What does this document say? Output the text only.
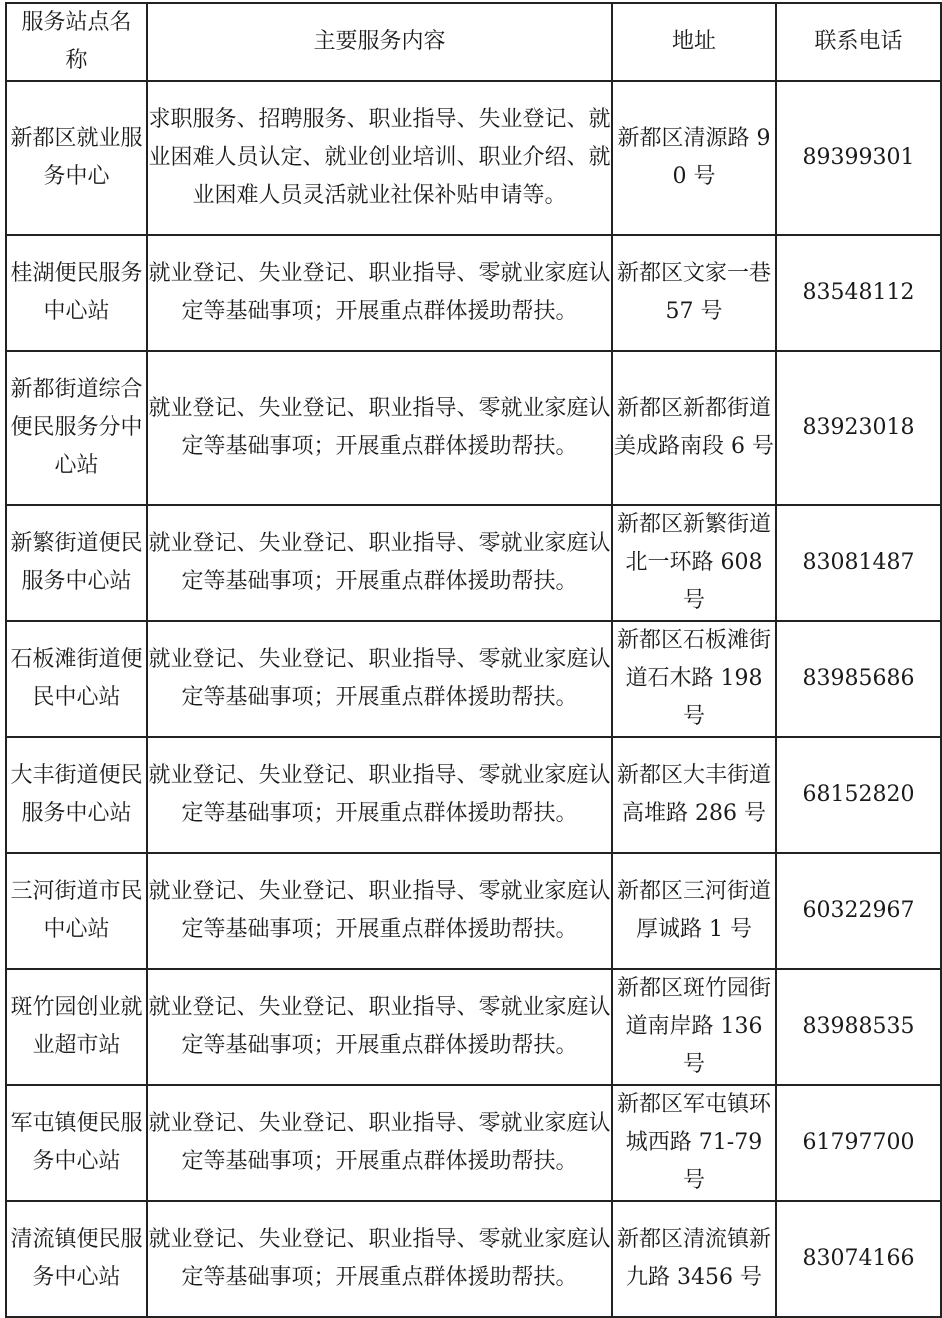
服务站点名称	主要服务内容	地址	联系电话
新都区就业服务中心	求职服务、招聘服务、职业指导、失业登记、就业困难人员认定、就业创业培训、职业介绍、就业困难人员灵活就业社保补贴申请等。	新都区清源路 90 号	89399301
桂湖便民服务中心站	就业登记、失业登记、职业指导、零就业家庭认定等基础事项；开展重点群体援助帮扶。	新都区文家一巷 57 号	83548112
新都街道综合便民服务分中心站	就业登记、失业登记、职业指导、零就业家庭认定等基础事项；开展重点群体援助帮扶。	新都区新都街道美成路南段 6 号	83923018
新繁街道便民服务中心站	就业登记、失业登记、职业指导、零就业家庭认定等基础事项；开展重点群体援助帮扶。	新都区新繁街道北一环路 608 号	83081487
石板滩街道便民中心站	就业登记、失业登记、职业指导、零就业家庭认定等基础事项；开展重点群体援助帮扶。	新都区石板滩街道石木路 198 号	83985686
大丰街道便民服务中心站	就业登记、失业登记、职业指导、零就业家庭认定等基础事项；开展重点群体援助帮扶。	新都区大丰街道高堆路 286 号	68152820
三河街道市民中心站	就业登记、失业登记、职业指导、零就业家庭认定等基础事项；开展重点群体援助帮扶。	新都区三河街道厚诚路 1 号	60322967
斑竹园创业就业超市站	就业登记、失业登记、职业指导、零就业家庭认定等基础事项；开展重点群体援助帮扶。	新都区斑竹园街道南岸路 136 号	83988535
军屯镇便民服务中心站	就业登记、失业登记、职业指导、零就业家庭认定等基础事项；开展重点群体援助帮扶。	新都区军屯镇环城西路 71-79 号	61797700
清流镇便民服务中心站	就业登记、失业登记、职业指导、零就业家庭认定等基础事项；开展重点群体援助帮扶。	新都区清流镇新九路 3456 号	83074166
